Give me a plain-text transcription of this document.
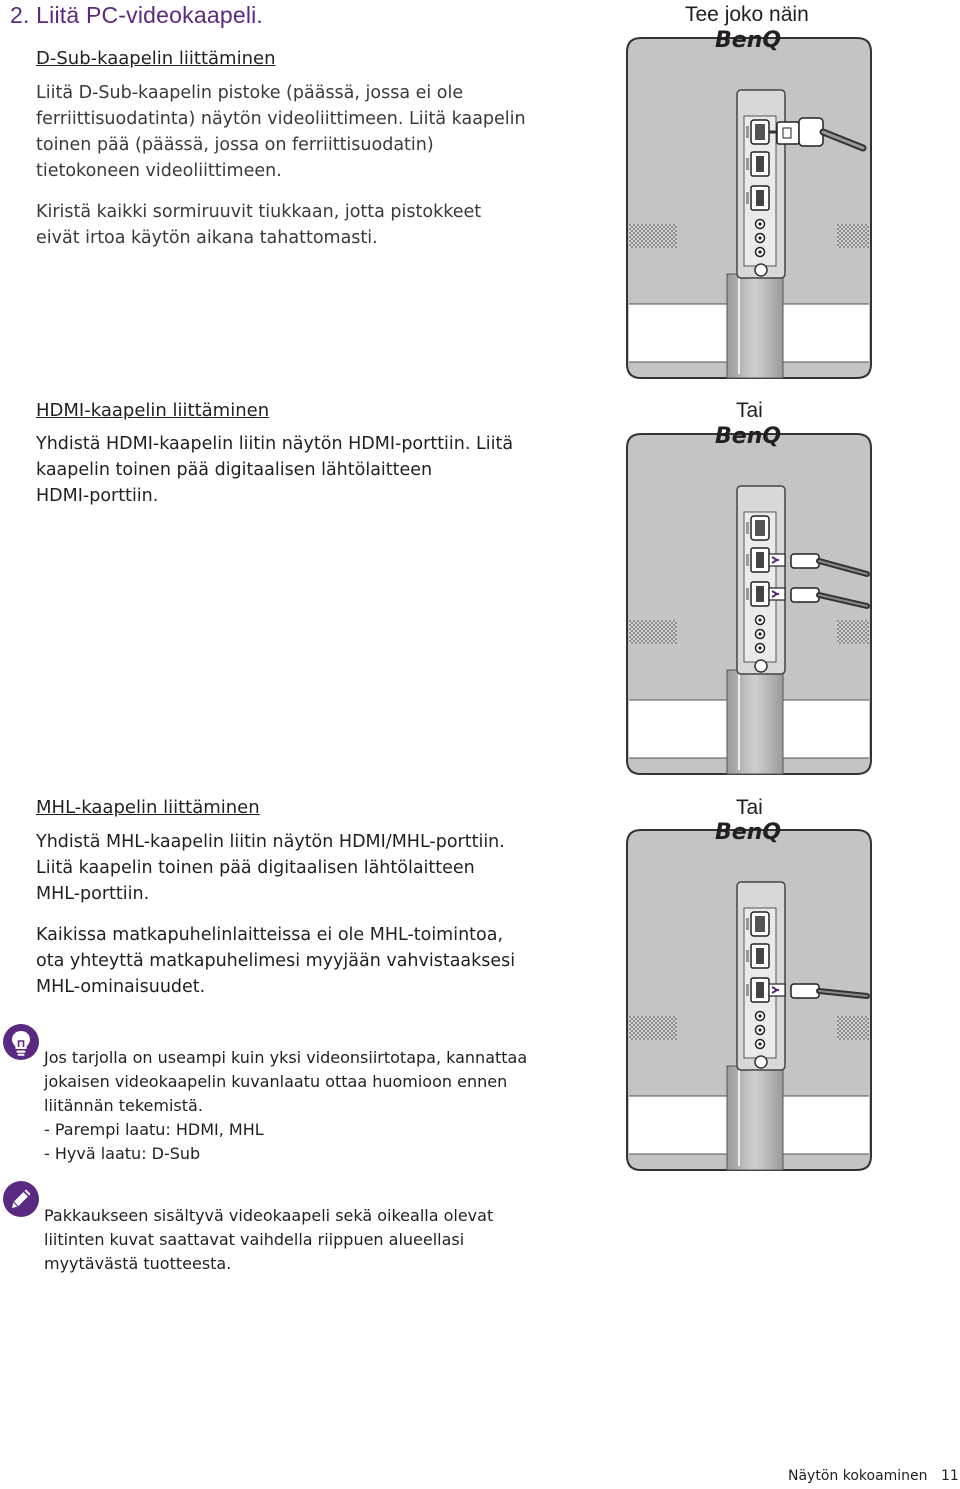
2. Liitä PC-videokaapeli.
D-Sub-kaapelin liittäminen
Liitä D-Sub-kaapelin pistoke (päässä, jossa ei ole
ferriittisuodatinta) näytön videoliittimeen. Liitä kaapelin
toinen pää (päässä, jossa on ferriittisuodatin)
tietokoneen videoliittimeen.
Kiristä kaikki sormiruuvit tiukkaan, jotta pistokkeet
eivät irtoa käytön aikana tahattomasti.
Tee joko näin
HDMI-kaapelin liittäminen
Yhdistä HDMI-kaapelin liitin näytön HDMI-porttiin. Liitä
kaapelin toinen pää digitaalisen lähtölaitteen
HDMI-porttiin.
Tai
MHL-kaapelin liittäminen
Yhdistä MHL-kaapelin liitin näytön HDMI/MHL-porttiin.
Liitä kaapelin toinen pää digitaalisen lähtölaitteen
MHL-porttiin.
Kaikissa matkapuhelinlaitteissa ei ole MHL-toimintoa,
ota yhteyttä matkapuhelimesi myyjään vahvistaaksesi
MHL-ominaisuudet.
Tai
Jos tarjolla on useampi kuin yksi videonsiirtotapa, kannattaa
jokaisen videokaapelin kuvanlaatu ottaa huomioon ennen
liitännän tekemistä.
- Parempi laatu: HDMI, MHL
- Hyvä laatu: D-Sub
Pakkaukseen sisältyvä videokaapeli sekä oikealla olevat
liitinten kuvat saattavat vaihdella riippuen alueellasi
myytävästä tuotteesta.
BenQ
BenQ
BenQ
Näytön kokoaminen 11
